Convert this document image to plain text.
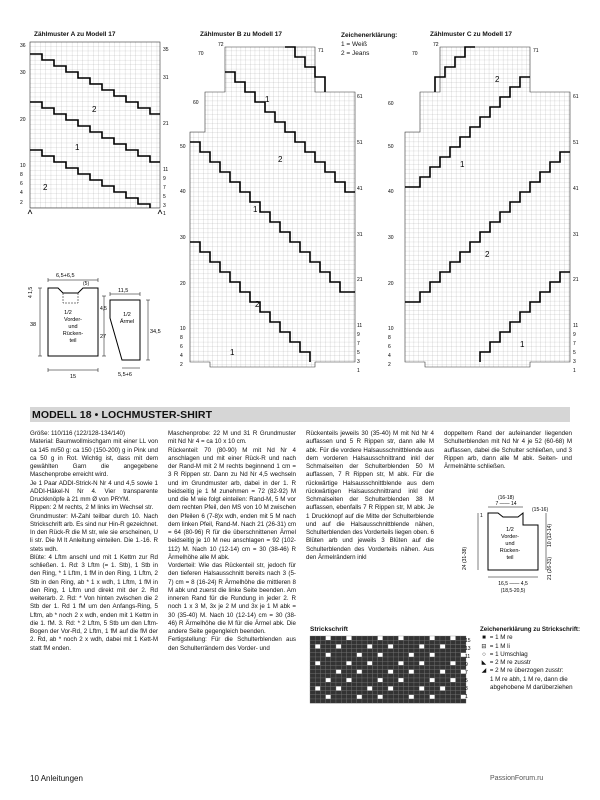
Zählmuster A zu Modell 17
2
1
2
36
30
20
10
8
6
4
2
35
31
21
11
9
7
5
3
1
Zählmuster B zu Modell 17
1
2
1
2
1
72
70	71
60
50
40
30
20
10
8
6
4
2
61
51
41
31
21
11
9
7
5
3
1
Zeichenerklärung:
1 = Weiß
2 = Jeans
Zählmuster C zu Modell 17
2
1
2
1
72
70	71
60
50
40
30
20
10
8
6
4
2
61
51
41
31
21
11
9
7
5
3
1
6,5+6,5
(5)
4 1,5
38
27
15
1/2
Vorder-
und
Rücken-
teil
11,5
4,5
34,5
1/2
Ärmel
5,5+6
MODELL 18 • LOCHMUSTER-SHIRT

Größe: 110/116 (122/128-134/140)

Material: Baumwollmischgarn mit einer LL von ca 145 m/50 g: ca 150 (150-200) g in Pink und ca 50 g in Rot. Wichtig ist, dass mit dem gewählten Garn die angegebene Maschenprobe erreicht wird.

Je 1 Paar ADDI-Strick-N Nr 4 und 4,5 sowie 1 ADDI-Häkel-N Nr 4. Vier transparente Druckknöpfe à 21 mm Ø von PRYM.

Rippen: 2 M rechts, 2 M links im Wechsel str.

Grundmuster: M-Zahl teilbar durch 10. Nach Strickschrift arb. Es sind nur Hin-R gezeichnet. In den Rück-R die M str, wie sie erscheinen, U li str. Die M lt Anleitung einteilen. Die 1.-16. R stets wdh.

Blüte: 4 Lftm anschl und mit 1 Kettm zur Rd schließen. 1. Rd: 3 Lftm (= 1. Stb), 1 Stb in den Ring, * 1 Lftm, 1 fM in den Ring, 1 Lftm, 2 Stb in den Ring, ab * 1 x wdh, 1 Lftm, 1 fM in den Ring, 1 Lftm und direkt mit der 2. Rd weiterarb. 2. Rd: * Von hinten zwischen die 2 Stb der 1. Rd 1 fM um den Anfangs-Ring, 5 Lftm, ab * noch 2 x wdh, enden mit 1 Kettm in die 1. fM. 3. Rd: * 2 Lftm, 5 Stb um den Lftm-Bogen der Vor-Rd, 2 Lftm, 1 fM auf die fM der 2. Rd, ab * noch 2 x wdh, dabei mit 1 Kett-M statt fM enden.

Maschenprobe: 22 M und 31 R Grundmuster mit Nd Nr 4 = ca 10 x 10 cm.

Rückenteil: 70 (80-90) M mit Nd Nr 4 anschlagen und mit einer Rück-R und nach der Rand-M mit 2 M rechts beginnend 1 cm = 3 R Rippen str. Dann zu Nd Nr 4,5 wechseln und im Grundmuster arb, dabei in der 1. R beidseitig je 1 M zunehmen = 72 (82-92) M und die M wie folgt einteilen: Rand-M, 5 M vor dem rechten Pfeil, den MS von 10 M zwischen den Pfeilen 6 (7-8)x wdh, enden mit 5 M nach dem linken Pfeil, Rand-M. Nach 21 (26-31) cm = 64 (80-96) R für die überschnittenen Ärmel beidseitig je 10 M neu anschlagen = 92 (102-112) M. Nach 10 (12-14) cm = 30 (38-46) R Ärmelhöhe alle M abk.

Vorderteil: Wie das Rückenteil str, jedoch für den tieferen Halsausschnitt bereits nach 3 (5-7) cm = 8 (16-24) R Ärmelhöhe die mittleren 8 M abk und zuerst die linke Seite beenden. Am inneren Rand für die Rundung in jeder 2. R noch 1 x 3 M, 3x je 2 M und 3x je 1 M abk = 30 (35-40) M. Nach 10 (12-14) cm = 30 (38-46) R Ärmelhöhe die M für die Ärmel abk. Die andere Seite gegengleich beenden.

Fertigstellung: Für die Schulterblenden aus den Schulterrändern des Vorder- und

Rückenteils jeweils 30 (35-40) M mit Nd Nr 4 auffassen und 5 R Rippen str, dann alle M abk. Für die vordere Halsausschnittblende aus dem vorderen Halsausschnittrand inkl der Schmalseiten der Schulterblenden 50 M auffassen, 7 R Rippen str, M abk. Für die rückwärtige Halsausschnittblende aus dem rückwärtigen Halsausschnittrand inkl der Schmalseiten der Schulterblenden 38 M auffassen, ebenfalls 7 R Rippen str, M abk. Je 1 Druckknopf auf die Mitte der Schulterblende und auf die Halsausschnittblende nähen, Schulterblenden des Vorderteils liegen oben. 6 Blüten arb und jeweils 3 Blüten auf die Schulterblenden des Vorderteils nähen. Aus den Ärmelrändern inkl

doppeltem Rand der aufeinander liegenden Schulterblenden mit Nd Nr 4 je 52 (60-68) M auffassen, dabei die Schulter schließen, und 3 Rippen arb, dann alle M abk. Seiten- und Ärmelnähte schließen.

(16-18)
7 —— 14
(15-16)
24 (31-38)
1
10 (12-14)
21 (26-31)
1/2
Vorder-
und
Rücken-
teil
16,5 —— 4,5
(18,5-20,5)
Strickschrift
15
13
11
9
7
5
3
1
Zeichenerklärung zu Strickschrift:
■ = 1 M re
⊟ = 1 M li
○ = 1 Umschlag
◣ = 2 M re zusstr
◢ = 2 M re überzogen zusstr:
1 M re abh, 1 M re, dann die abgehobene M darüberziehen
10 Anleitungen	PassionForum.ru
